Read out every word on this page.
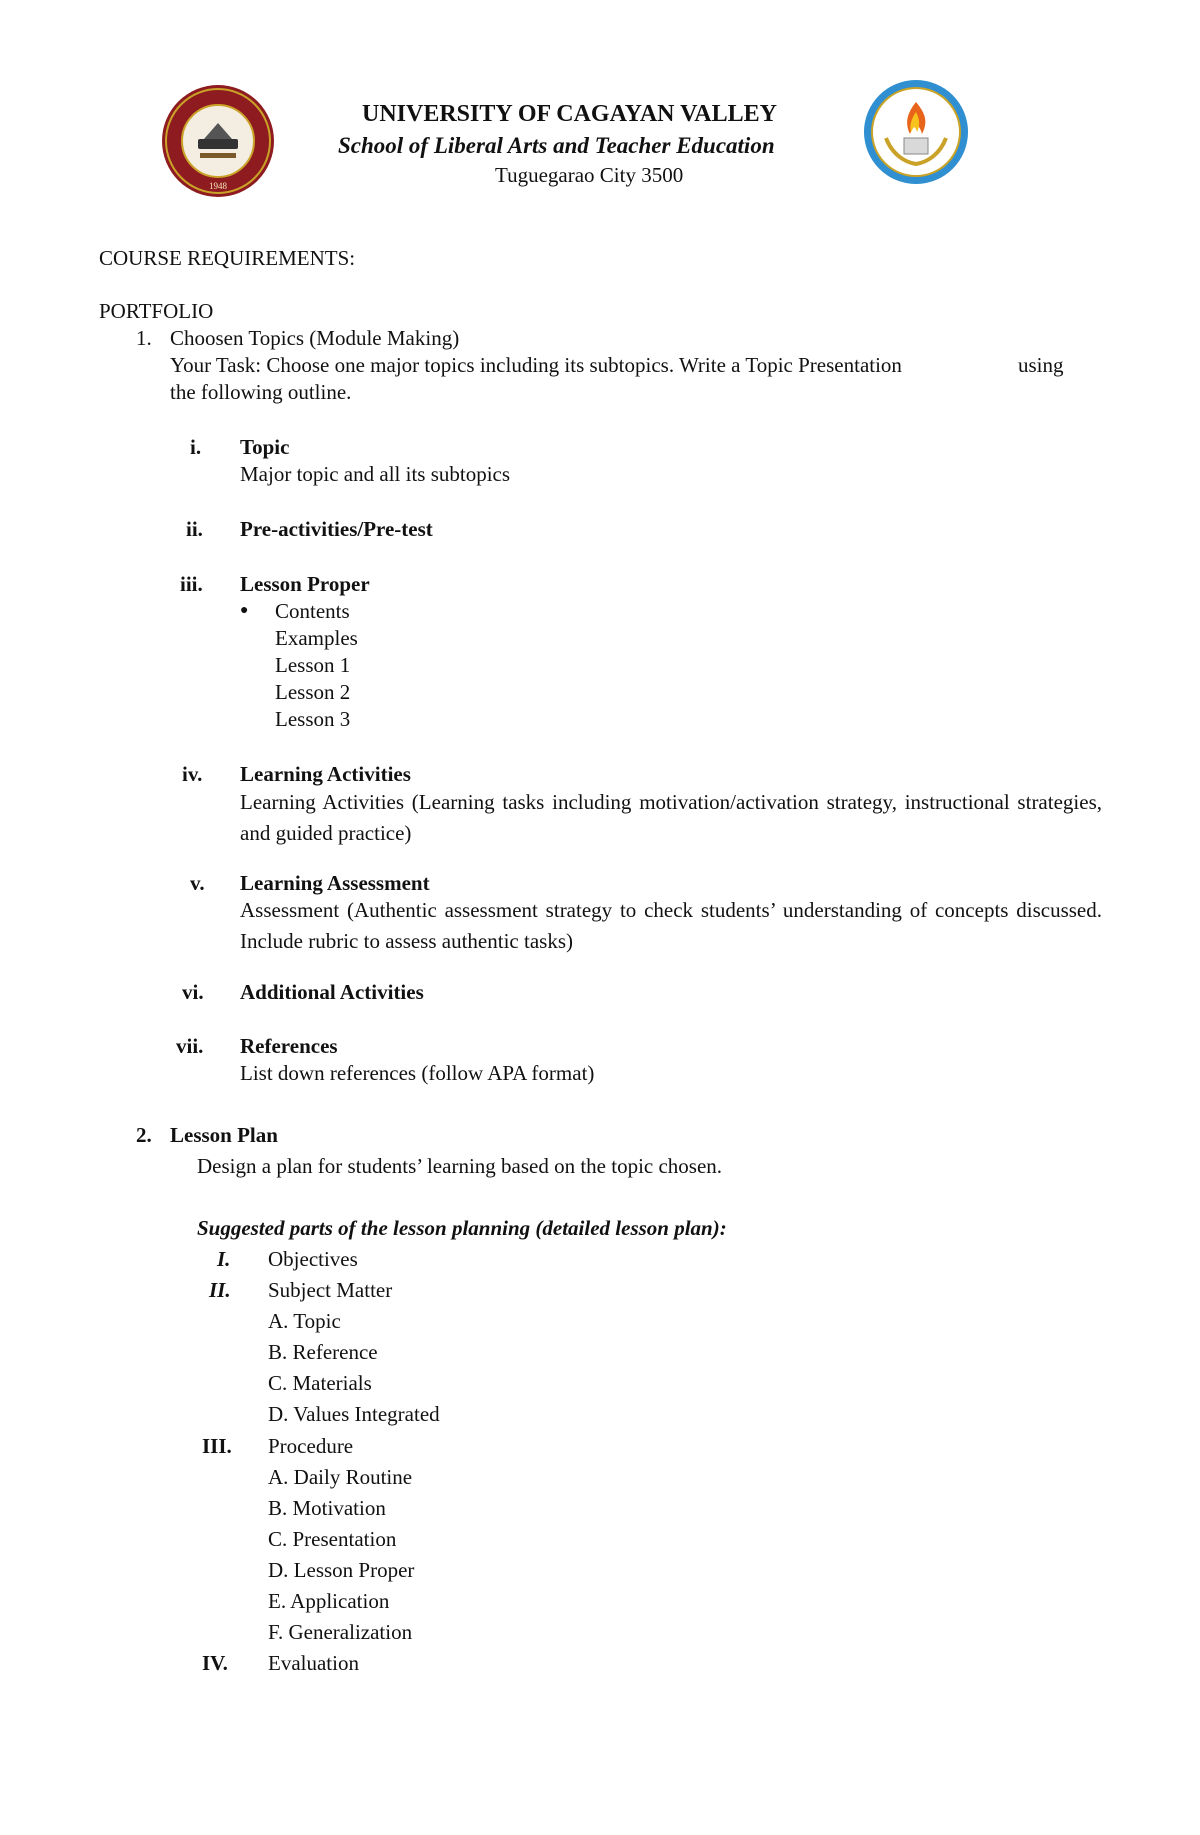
1948
UNIVERSITY OF CAGAYAN VALLEY
School of Liberal Arts and Teacher Education
Tuguegarao City 3500
COURSE REQUIREMENTS:
PORTFOLIO
1. Choosen Topics (Module Making)
Your Task: Choose one major topics including its subtopics. Write a Topic Presentation	using
the following outline.
i. Topic
Major topic and all its subtopics
ii. Pre-activities/Pre-test
iii. Lesson Proper
● Contents
Examples
Lesson 1
Lesson 2
Lesson 3
iv. Learning Activities
Learning Activities (Learning tasks including motivation/activation strategy, instructional strategies, and guided practice)
v. Learning Assessment
Assessment (Authentic assessment strategy to check students’ understanding of concepts discussed. Include rubric to assess authentic tasks)
vi. Additional Activities
vii. References
List down references (follow APA format)
2. Lesson Plan
Design a plan for students’ learning based on the topic chosen.
Suggested parts of the lesson planning (detailed lesson plan):
I. Objectives
II. Subject Matter
A. Topic
B. Reference
C. Materials
D. Values Integrated
III. Procedure
A. Daily Routine
B. Motivation
C. Presentation
D. Lesson Proper
E. Application
F. Generalization
IV. Evaluation
